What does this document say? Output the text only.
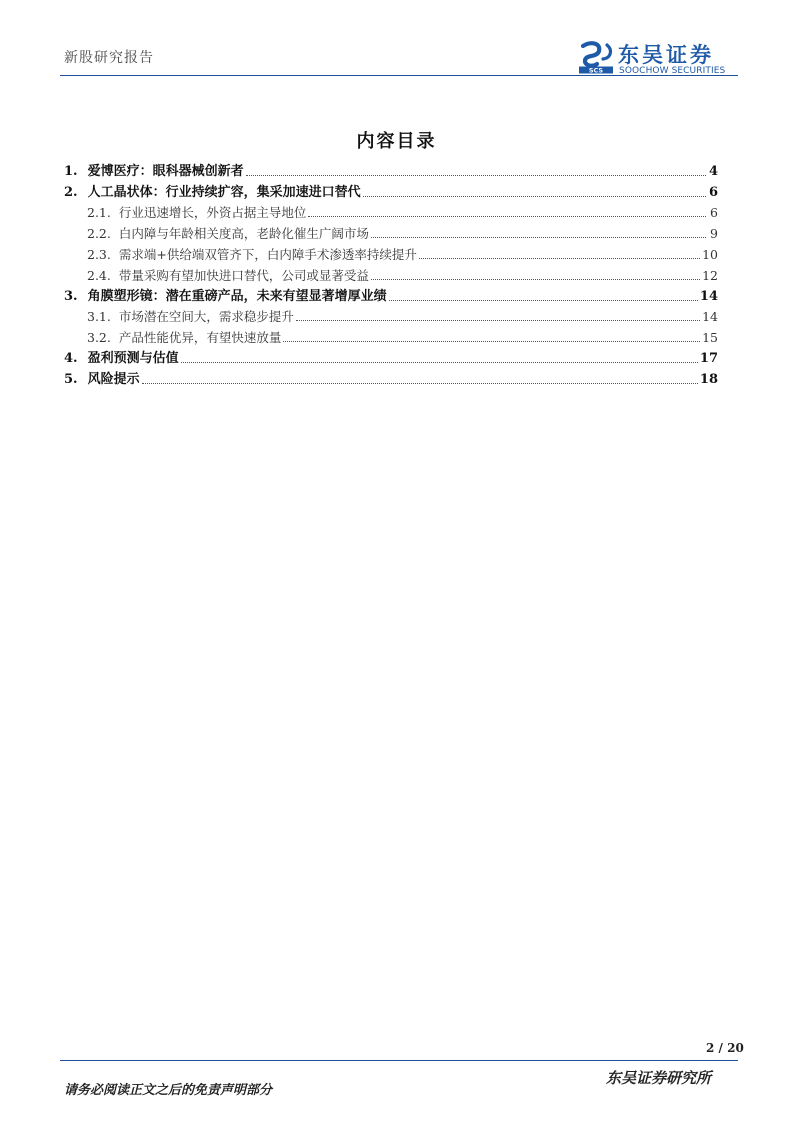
新股研究报告
SCS
东吴证券
SOOCHOW SECURITIES
内容目录
1. 爱博医疗：眼科器械创新者	4
2. 人工晶状体：行业持续扩容，集采加速进口替代	6
2.1. 行业迅速增长，外资占据主导地位	6
2.2. 白内障与年龄相关度高，老龄化催生广阔市场	9
2.3. 需求端+供给端双管齐下，白内障手术渗透率持续提升	10
2.4. 带量采购有望加快进口替代，公司或显著受益	12
3. 角膜塑形镜：潜在重磅产品，未来有望显著增厚业绩	14
3.1. 市场潜在空间大，需求稳步提升	14
3.2. 产品性能优异，有望快速放量	15
4. 盈利预测与估值	17
5. 风险提示	18
2 / 20
请务必阅读正文之后的免责声明部分
东吴证券研究所
